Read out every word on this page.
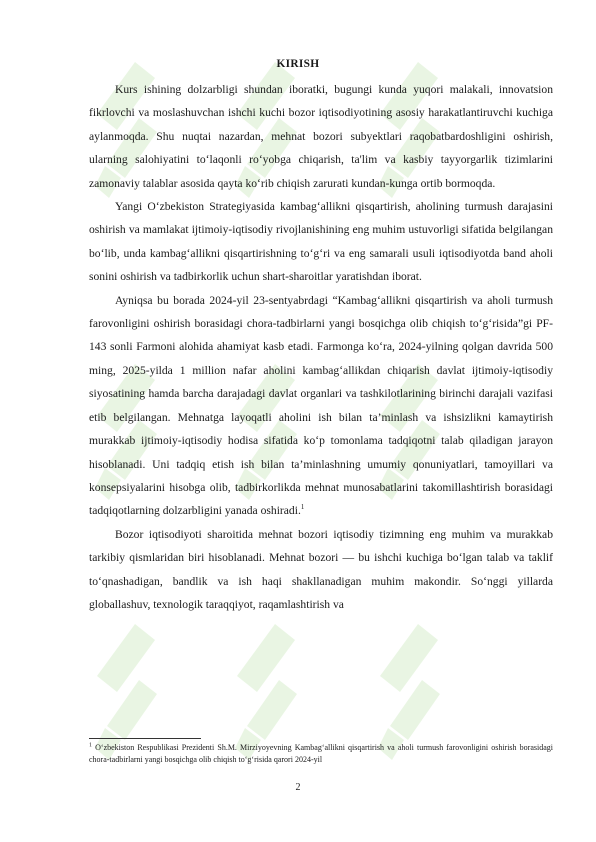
KIRISH

Kurs ishining dolzarbligi shundan iboratki, bugungi kunda yuqori malakali, innovatsion fikrlovchi va moslashuvchan ishchi kuchi bozor iqtisodiyotining asosiy harakatlantiruvchi kuchiga aylanmoqda. Shu nuqtai nazardan, mehnat bozori subyektlari raqobatbardoshligini oshirish, ularning salohiyatini to‘laqonli ro‘yobga chiqarish, ta'lim va kasbiy tayyorgarlik tizimlarini zamonaviy talablar asosida qayta ko‘rib chiqish zarurati kundan-kunga ortib bormoqda.

Yangi O‘zbekiston Strategiyasida kambag‘allikni qisqartirish, aholining turmush darajasini oshirish va mamlakat ijtimoiy-iqtisodiy rivojlanishining eng muhim ustuvorligi sifatida belgilangan bo‘lib, unda kambag‘allikni qisqartirishning to‘g‘ri va eng samarali usuli iqtisodiyotda band aholi sonini oshirish va tadbirkorlik uchun shart-sharoitlar yaratishdan iborat.

Ayniqsa bu borada 2024-yil 23-sentyabrdagi “Kambag‘allikni qisqartirish va aholi turmush farovonligini oshirish borasidagi chora-tadbirlarni yangi bosqichga olib chiqish to‘g‘risida”gi PF-143 sonli Farmoni alohida ahamiyat kasb etadi. Farmonga ko‘ra, 2024-yilning qolgan davrida 500 ming, 2025-yilda 1 million nafar aholini kambag‘allikdan chiqarish davlat ijtimoiy-iqtisodiy siyosatining hamda barcha darajadagi davlat organlari va tashkilotlarining birinchi darajali vazifasi etib belgilangan. Mehnatga layoqatli aholini ish bilan ta’minlash va ishsizlikni kamaytirish murakkab ijtimoiy-iqtisodiy hodisa sifatida ko‘p tomonlama tadqiqotni talab qiladigan jarayon hisoblanadi. Uni tadqiq etish ish bilan ta’minlashning umumiy qonuniyatlari, tamoyillari va konsepsiyalarini hisobga olib, tadbirkorlikda mehnat munosabatlarini takomillashtirish borasidagi tadqiqotlarning dolzarbligini yanada oshiradi.$^1$

Bozor iqtisodiyoti sharoitida mehnat bozori iqtisodiy tizimning eng muhim va murakkab tarkibiy qismlaridan biri hisoblanadi. Mehnat bozori — bu ishchi kuchiga bo‘lgan talab va taklif to‘qnashadigan, bandlik va ish haqi shakllanadigan muhim makondir. So‘nggi yillarda globallashuv, texnologik taraqqiyot, raqamlashtirish va

$^1$ O‘zbekiston Respublikasi Prezidenti Sh.M. Mirziyoyevning Kambag‘allikni qisqartirish va aholi turmush farovonligini oshirish borasidagi chora-tadbirlarni yangi bosqichga olib chiqish to‘g‘risida qarori 2024-yil
2
